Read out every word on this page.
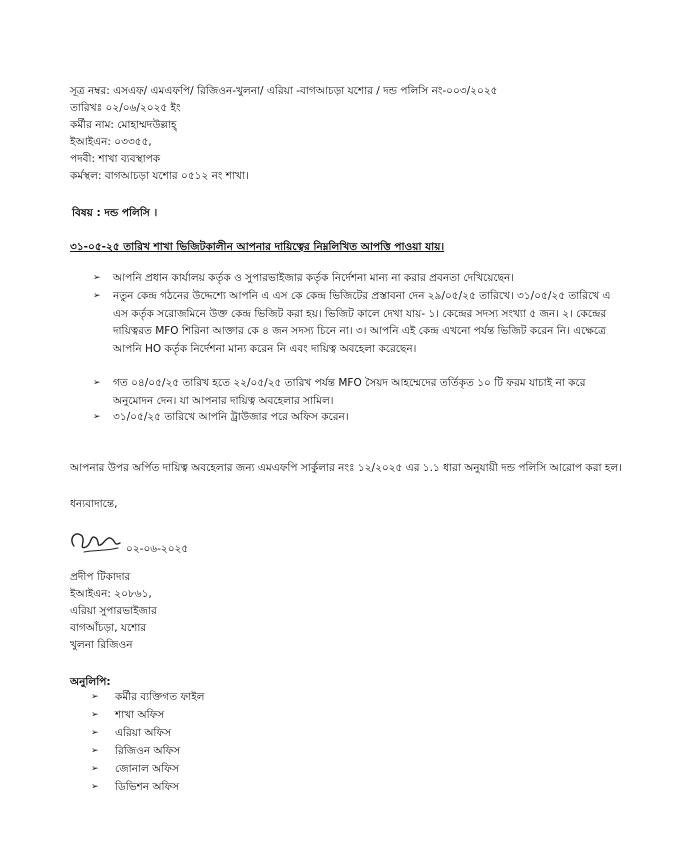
সূত্র নম্বর: এসএফ/ এমএফপি/ রিজিওন-খুলনা/ এরিয়া -বাগআচড়া যশোর / দন্ড পলিসি নং-০০৩/২০২৫
তারিখঃ ০২/০৬/২০২৫ ইং
কর্মীর নাম: মোহাম্মদউল্লাহ্‌
ইআইএন: ০৩৩৫৫,
পদবী: শাখা ব্যবস্থাপক
কর্মস্থল: বাগআচড়া যশোর ০৫১২ নং শাখা।
বিষয় : দন্ড পলিসি ।
৩১-০৫-২৫ তারিখ শাখা ভিজিটকালীন আপনার দায়িত্বের নিম্নলিখিত আপত্তি পাওয়া যায়।
➢ আপনি প্রধান কার্যালয় কর্তৃক ও সুপারভাইজার কর্তৃক নির্দেশনা মান্য না করার প্রবনতা দেখিয়েছেন।
➢ নতুন কেন্দ্র গঠনের উদ্দেশ্যে আপনি এ এস কে কেন্দ্র ভিজিটের প্রস্তাবনা দেন ২৯/০৫/২৫ তারিখে। ৩১/০৫/২৫ তারিখে এ এস কর্তৃক সরোজমিনে উক্ত কেন্দ্র ভিজিট করা হয়। ভিজিট কালে দেখা যায়- ১। কেন্দ্রের সদস্য সংখ্যা ৫ জন। ২। কেন্দ্রের দায়িত্বরত MFO শিরিনা আক্তার কে ৪ জন সদস্য চিনে না। ৩। আপনি এই কেন্দ্র এখনো পর্যন্ত ভিজিট করেন নি। এক্ষেত্রে আপনি HO কর্তৃক নির্দেশনা মান্য করেন নি এবং দায়িত্ব অবহেলা করেছেন।
➢ গত ০৪/০৫/২৫ তারিখ হতে ২২/০৫/২৫ তারিখ পর্যন্ত MFO সৈয়দ আহম্মেদের তর্তিকৃত ১০ টি ফরম যাচাই না করে অনুমোদন দেন। যা আপনার দায়িত্ব অবহেলার সামিল।
➢ ৩১/০৫/২৫ তারিখে আপনি ট্রাউজার পরে অফিস করেন।
আপনার উপর অর্পিত দায়িত্ব অবহেলার জন্য এমএফপি সার্কুলার নংঃ ১২/২০২৫ এর ১.১ ধারা অনুযায়ী দন্ড পলিসি আরোপ করা হল।
ধন্যবাদান্তে,
০২-০৬-২০২৫
প্রদীপ টিকাদার
ইআইএন: ২০৮৬১,
এরিয়া সুপারভাইজার
বাগআঁচড়া, যশোর
খুলনা রিজিওন
অনুলিপি:
➢ কর্মীর ব্যক্তিগত ফাইল
➢ শাখা অফিস
➢ এরিয়া অফিস
➢ রিজিওন অফিস
➢ জোনাল অফিস
➢ ডিভিশন অফিস
